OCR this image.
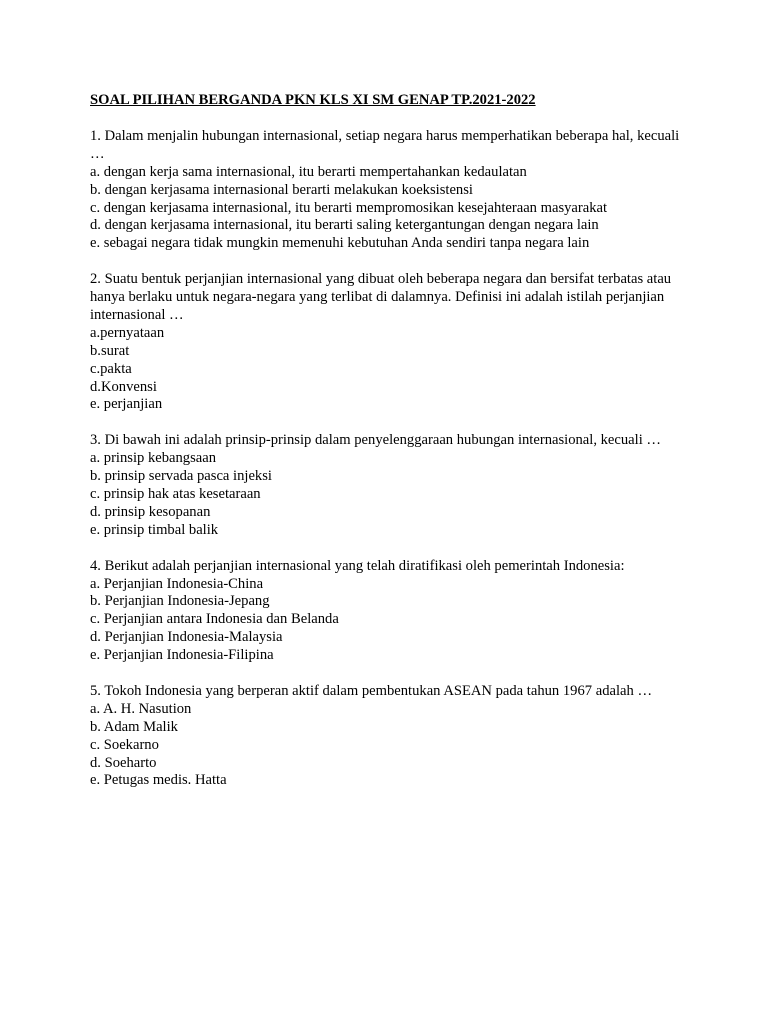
SOAL PILIHAN BERGANDA PKN KLS XI SM GENAP TP.2021-2022

1. Dalam menjalin hubungan internasional, setiap negara harus memperhatikan beberapa hal, kecuali …

a. dengan kerja sama internasional, itu berarti mempertahankan kedaulatan
b. dengan kerjasama internasional berarti melakukan koeksistensi
c. dengan kerjasama internasional, itu berarti mempromosikan kesejahteraan masyarakat
d. dengan kerjasama internasional, itu berarti saling ketergantungan dengan negara lain
e. sebagai negara tidak mungkin memenuhi kebutuhan Anda sendiri tanpa negara lain

2. Suatu bentuk perjanjian internasional yang dibuat oleh beberapa negara dan bersifat terbatas atau hanya berlaku untuk negara-negara yang terlibat di dalamnya. Definisi ini adalah istilah perjanjian internasional …

a.pernyataan
b.surat
c.pakta
d.Konvensi
e. perjanjian

3. Di bawah ini adalah prinsip-prinsip dalam penyelenggaraan hubungan internasional, kecuali …

a. prinsip kebangsaan
b. prinsip servada pasca injeksi
c. prinsip hak atas kesetaraan
d. prinsip kesopanan
e. prinsip timbal balik

4. Berikut adalah perjanjian internasional yang telah diratifikasi oleh pemerintah Indonesia:

a. Perjanjian Indonesia-China
b. Perjanjian Indonesia-Jepang
c. Perjanjian antara Indonesia dan Belanda
d. Perjanjian Indonesia-Malaysia
e. Perjanjian Indonesia-Filipina

5. Tokoh Indonesia yang berperan aktif dalam pembentukan ASEAN pada tahun 1967 adalah …

a. A. H. Nasution
b. Adam Malik
c. Soekarno
d. Soeharto
e. Petugas medis. Hatta
